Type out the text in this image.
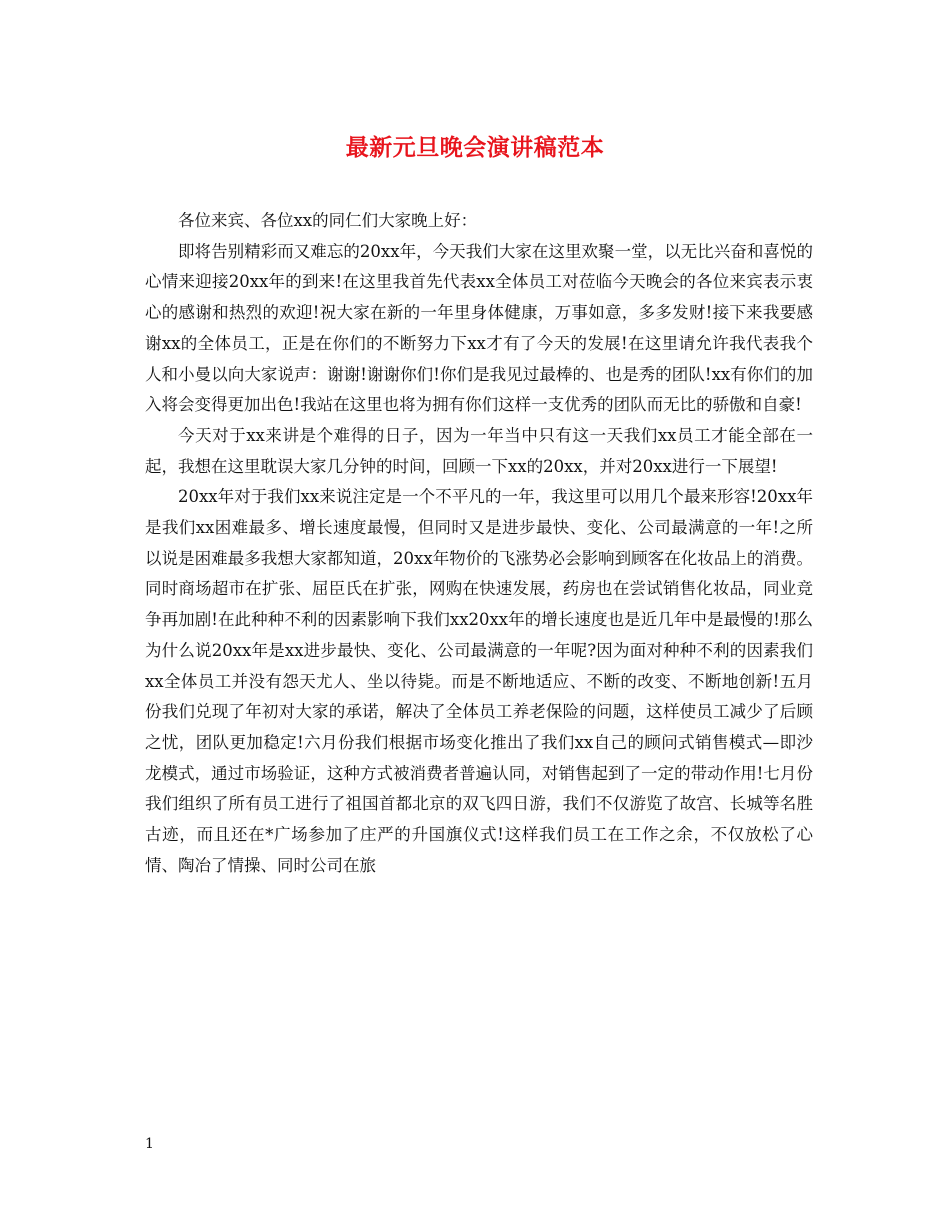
最新元旦晚会演讲稿范本

各位来宾、各位xx的同仁们大家晚上好：

即将告别精彩而又难忘的20xx年，今天我们大家在这里欢聚一堂，以无比兴奋和喜悦的心情来迎接20xx年的到来!在这里我首先代表xx全体员工对莅临今天晚会的各位来宾表示衷心的感谢和热烈的欢迎!祝大家在新的一年里身体健康，万事如意，多多发财!接下来我要感谢xx的全体员工，正是在你们的不断努力下xx才有了今天的发展!在这里请允许我代表我个人和小曼以向大家说声：谢谢!谢谢你们!你们是我见过最棒的、也是秀的团队!xx有你们的加入将会变得更加出色!我站在这里也将为拥有你们这样一支优秀的团队而无比的骄傲和自豪!

今天对于xx来讲是个难得的日子，因为一年当中只有这一天我们xx员工才能全部在一起，我想在这里耽误大家几分钟的时间，回顾一下xx的20xx，并对20xx进行一下展望!

20xx年对于我们xx来说注定是一个不平凡的一年，我这里可以用几个最来形容!20xx年是我们xx困难最多、增长速度最慢，但同时又是进步最快、变化、公司最满意的一年!之所以说是困难最多我想大家都知道，20xx年物价的飞涨势必会影响到顾客在化妆品上的消费。同时商场超市在扩张、屈臣氏在扩张，网购在快速发展，药房也在尝试销售化妆品，同业竞争再加剧!在此种种不利的因素影响下我们xx20xx年的增长速度也是近几年中是最慢的!那么为什么说20xx年是xx进步最快、变化、公司最满意的一年呢?因为面对种种不利的因素我们xx全体员工并没有怨天尤人、坐以待毙。而是不断地适应、不断的改变、不断地创新!五月份我们兑现了年初对大家的承诺，解决了全体员工养老保险的问题，这样使员工减少了后顾之忧，团队更加稳定!六月份我们根据市场变化推出了我们xx自己的顾问式销售模式—即沙龙模式，通过市场验证，这种方式被消费者普遍认同，对销售起到了一定的带动作用!七月份我们组织了所有员工进行了祖国首都北京的双飞四日游，我们不仅游览了故宫、长城等名胜古迹，而且还在*广场参加了庄严的升国旗仪式!这样我们员工在工作之余，不仅放松了心情、陶冶了情操、同时公司在旅

1
